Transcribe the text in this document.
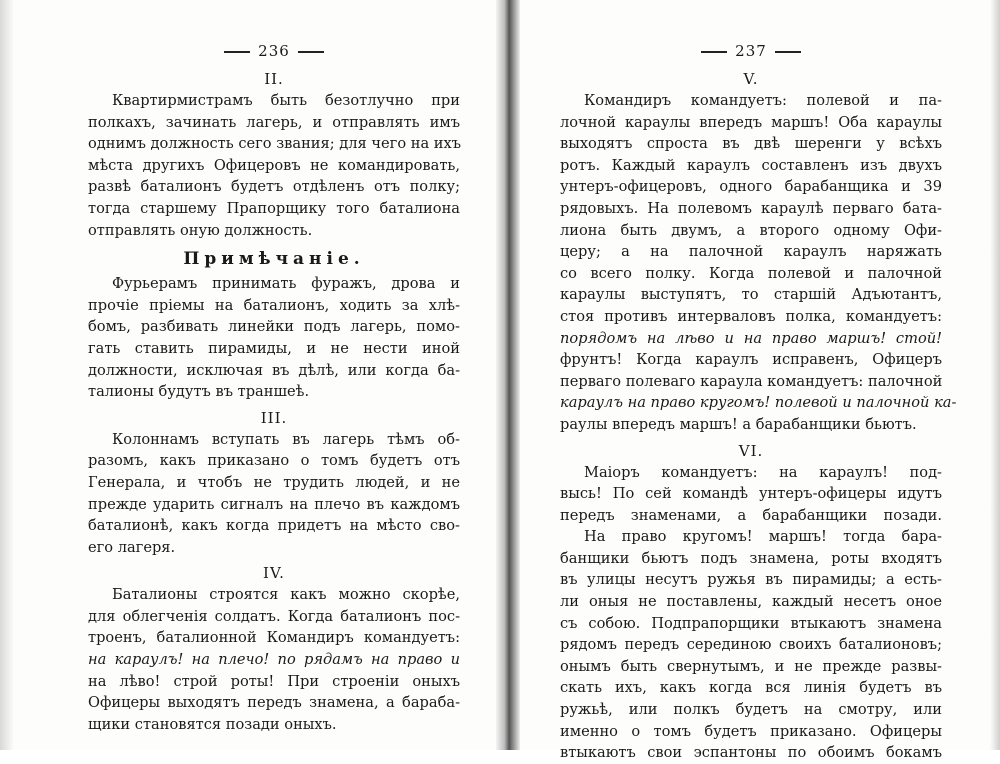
236
II.
Квартирмистрамъ быть безотлучно при
полкахъ, зачинать лагерь, и отправлять имъ
однимъ должность сего звания; для чего на ихъ
мѣста другихъ Офицеровъ не командировать,
развѣ баталионъ будетъ отдѣленъ отъ полку;
тогда старшему Прапорщику того баталиона
отправлять оную должность.
Примѣчанiе.
Фурьерамъ принимать фуражъ, дрова и
прочiе прiемы на баталионъ, ходить за хлѣ-
бомъ, разбивать линейки подъ лагерь, помо-
гать ставить пирамиды, и не нести иной
должности, исключая въ дѣлѣ, или когда ба-
талионы будутъ въ траншеѣ.
III.
Колоннамъ вступать въ лагерь тѣмъ об-
разомъ, какъ приказано о томъ будетъ отъ
Генерала, и чтобъ не трудить людей, и не
прежде ударить сигналъ на плечо въ каждомъ
баталионѣ, какъ когда придетъ на мѣсто сво-
его лагеря.
IV.
Баталионы строятся какъ можно скорѣе,
для облегченiя солдатъ. Когда баталионъ пос-
троенъ, баталионной Командиръ командуетъ:
на караулъ! на плечо! по рядамъ на право и
на лѣво! строй роты! При строенiи оныхъ
Офицеры выходятъ передъ знамена, а бараба-
щики становятся позади оныхъ.
237
V.
Командиръ командуетъ: полевой и па-
лочной караулы впередъ маршъ! Оба караулы
выходятъ спроста въ двѣ шеренги у всѣхъ
ротъ. Каждый караулъ составленъ изъ двухъ
унтеръ-офицеровъ, одного барабанщика и 39
рядовыхъ. На полевомъ караулѣ перваго бата-
лиона быть двумъ, а второго одному Офи-
церу; а на палочной караулъ наряжать
со всего полку. Когда полевой и палочной
караулы выступятъ, то старшiй Адъютантъ,
стоя противъ интерваловъ полка, командуетъ:
порядомъ на лѣво и на право маршъ! стой!
фрунтъ! Когда караулъ исправенъ, Офицеръ
перваго полеваго караула командуетъ: палочной
караулъ на право кругомъ! полевой и палочной ка-
раулы впередъ маршъ! а барабанщики бьютъ.
VI.
Маiоръ командуетъ: на караулъ! под-
высь! По сей командѣ унтеръ-офицеры идутъ
передъ знаменами, а барабанщики позади.
На право кругомъ! маршъ! тогда бара-
банщики бьютъ подъ знамена, роты входятъ
въ улицы несутъ ружья въ пирамиды; а есть-
ли оныя не поставлены, каждый несетъ оное
съ собою. Подпрапорщики втыкаютъ знамена
рядомъ передъ серединою своихъ баталионовъ;
онымъ быть свернутымъ, и не прежде развы-
скать ихъ, какъ когда вся линiя будетъ въ
ружьѣ, или полкъ будетъ на смотру, или
именно о томъ будетъ приказано. Офицеры
втыкаютъ свои эспантоны по обоимъ бокамъ
